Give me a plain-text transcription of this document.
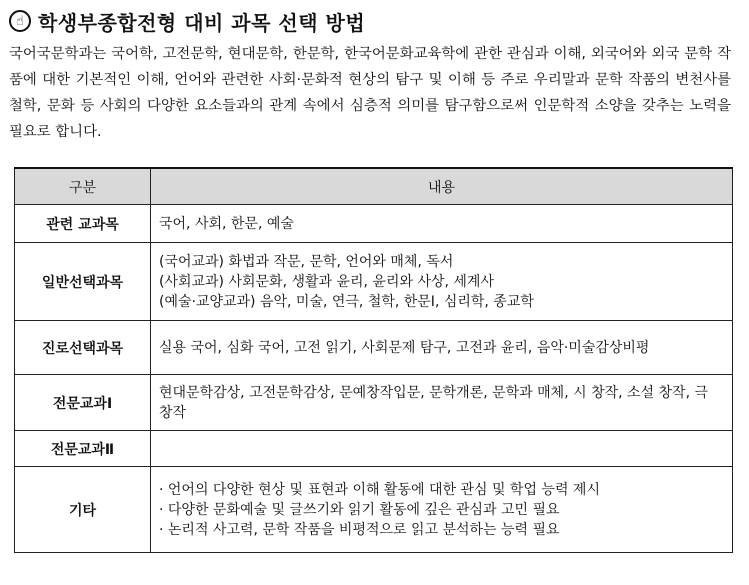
☝ 학생부종합전형 대비 과목 선택 방법
국어국문학과는 국어학, 고전문학, 현대문학, 한문학, 한국어문화교육학에 관한 관심과 이해, 외국어와 외국 문학 작품에 대한 기본적인 이해, 언어와 관련한 사회·문화적 현상의 탐구 및 이해 등 주로 우리말과 문학 작품의 변천사를 철학, 문화 등 사회의 다양한 요소들과의 관계 속에서 심층적 의미를 탐구함으로써 인문학적 소양을 갖추는 노력을 필요로 합니다.
구분	내용
관련 교과목	국어, 사회, 한문, 예술

일반선택과목	(국어교과) 화법과 작문, 문학, 언어와 매체, 독서
(사회교과) 사회문화, 생활과 윤리, 윤리와 사상, 세계사
(예술·교양교과) 음악, 미술, 연극, 철학, 한문Ⅰ, 심리학, 종교학

진로선택과목	실용 국어, 심화 국어, 고전 읽기, 사회문제 탐구, 고전과 윤리, 음악·미술감상비평

전문교과Ⅰ	현대문학감상, 고전문학감상, 문예창작입문, 문학개론, 문학과 매체, 시 창작, 소설 창작, 극 창작

전문교과Ⅱ	
기타	· 언어의 다양한 현상 및 표현과 이해 활동에 대한 관심 및 학업 능력 제시
· 다양한 문화예술 및 글쓰기와 읽기 활동에 깊은 관심과 고민 필요
· 논리적 사고력, 문학 작품을 비평적으로 읽고 분석하는 능력 필요
